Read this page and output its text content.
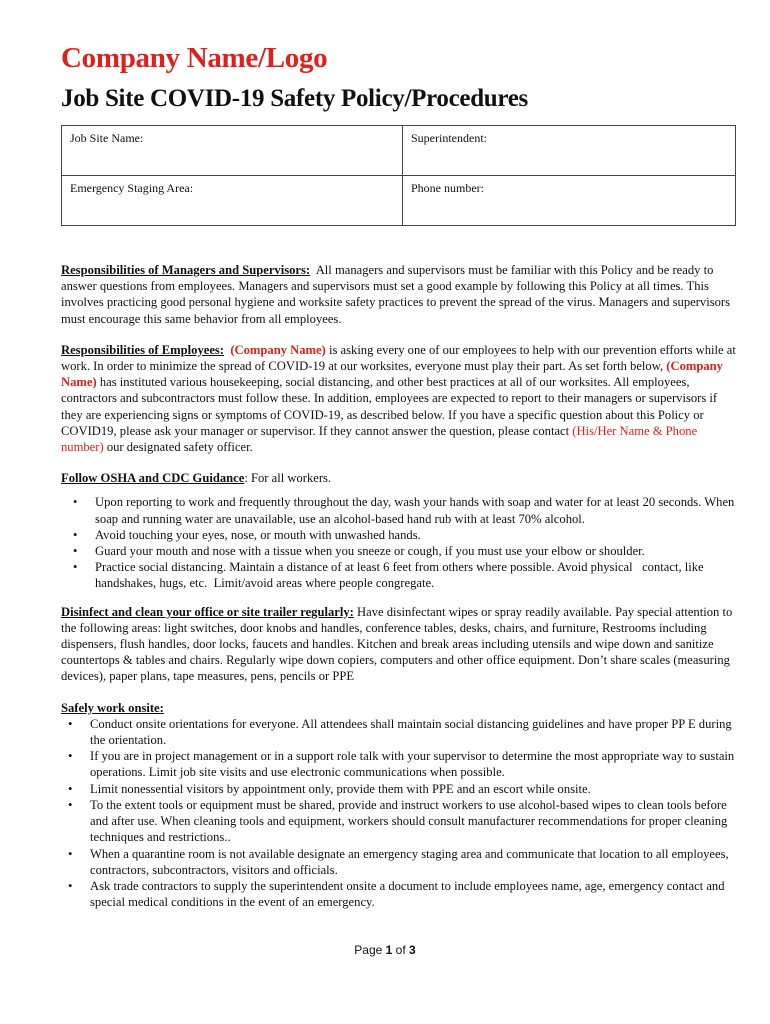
Company Name/Logo
Job Site COVID-19 Safety Policy/Procedures
Job Site Name:	Superintendent:
Emergency Staging Area:	Phone number:

Responsibilities of Managers and Supervisors:  All managers and supervisors must be familiar with this Policy and be ready to answer questions from employees. Managers and supervisors must set a good example by following this Policy at all times. This involves practicing good personal hygiene and worksite safety practices to prevent the spread of the virus. Managers and supervisors must encourage this same behavior from all employees.

Responsibilities of Employees: (Company Name) is asking every one of our employees to help with our prevention efforts while at work. In order to minimize the spread of COVID-19 at our worksites, everyone must play their part. As set forth below, (Company Name) has instituted various housekeeping, social distancing, and other best practices at all of our worksites. All employees, contractors and subcontractors must follow these. In addition, employees are expected to report to their managers or supervisors if they are experiencing signs or symptoms of COVID-19, as described below. If you have a specific question about this Policy or COVID19, please ask your manager or supervisor. If they cannot answer the question, please contact (His/Her Name & Phone number) our designated safety officer.

Follow OSHA and CDC Guidance: For all workers.

• Upon reporting to work and frequently throughout the day, wash your hands with soap and water for at least 20 seconds. When soap and running water are unavailable, use an alcohol-based hand rub with at least 70% alcohol.
• Avoid touching your eyes, nose, or mouth with unwashed hands.
• Guard your mouth and nose with a tissue when you sneeze or cough, if you must use your elbow or shoulder.
• Practice social distancing. Maintain a distance of at least 6 feet from others where possible. Avoid physical   contact, like handshakes, hugs, etc.  Limit/avoid areas where people congregate.

Disinfect and clean your office or site trailer regularly: Have disinfectant wipes or spray readily available. Pay special attention to the following areas: light switches, door knobs and handles, conference tables, desks, chairs, and furniture, Restrooms including dispensers, flush handles, door locks, faucets and handles. Kitchen and break areas including utensils and wipe down and sanitize countertops & tables and chairs. Regularly wipe down copiers, computers and other office equipment. Don’t share scales (measuring devices), paper plans, tape measures, pens, pencils or PPE

Safely work onsite:
• Conduct onsite orientations for everyone. All attendees shall maintain social distancing guidelines and have proper PP E during the orientation.
• If you are in project management or in a support role talk with your supervisor to determine the most appropriate way to sustain operations. Limit job site visits and use electronic communications when possible.
• Limit nonessential visitors by appointment only, provide them with PPE and an escort while onsite.
• To the extent tools or equipment must be shared, provide and instruct workers to use alcohol-based wipes to clean tools before and after use. When cleaning tools and equipment, workers should consult manufacturer recommendations for proper cleaning techniques and restrictions..
• When a quarantine room is not available designate an emergency staging area and communicate that location to all employees, contractors, subcontractors, visitors and officials.
• Ask trade contractors to supply the superintendent onsite a document to include employees name, age, emergency contact and special medical conditions in the event of an emergency.
Page 1 of 3
